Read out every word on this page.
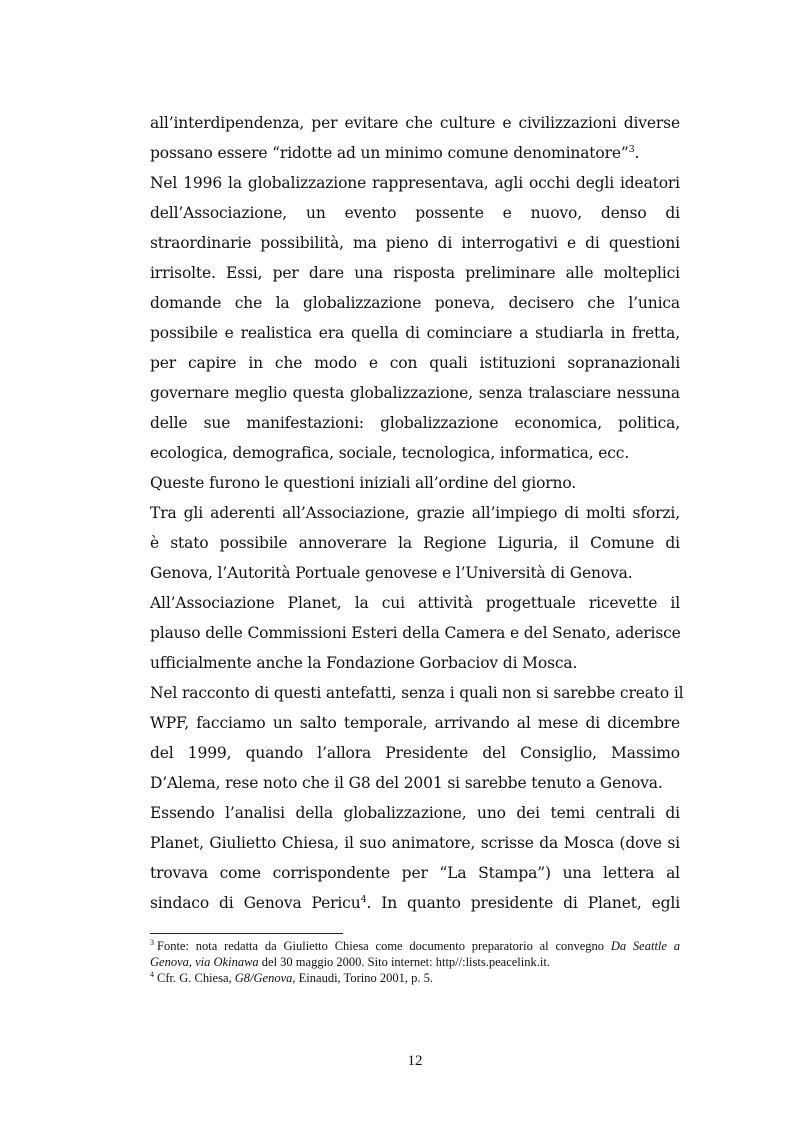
all’interdipendenza, per evitare che culture e civilizzazioni diverse
possano essere “ridotte ad un minimo comune denominatore”$^3$.
Nel 1996 la globalizzazione rappresentava, agli occhi degli ideatori
dell’Associazione, un evento possente e nuovo, denso di
straordinarie possibilità, ma pieno di interrogativi e di questioni
irrisolte. Essi, per dare una risposta preliminare alle molteplici
domande che la globalizzazione poneva, decisero che l’unica
possibile e realistica era quella di cominciare a studiarla in fretta,
per capire in che modo e con quali istituzioni sopranazionali
governare meglio questa globalizzazione, senza tralasciare nessuna
delle sue manifestazioni: globalizzazione economica, politica,
ecologica, demografica, sociale, tecnologica, informatica, ecc.
Queste furono le questioni iniziali all’ordine del giorno.
Tra gli aderenti all’Associazione, grazie all’impiego di molti sforzi,
è stato possibile annoverare la Regione Liguria, il Comune di
Genova, l’Autorità Portuale genovese e l’Università di Genova.
All’Associazione Planet, la cui attività progettuale ricevette il
plauso delle Commissioni Esteri della Camera e del Senato, aderisce
ufficialmente anche la Fondazione Gorbaciov di Mosca.
Nel racconto di questi antefatti, senza i quali non si sarebbe creato il
WPF, facciamo un salto temporale, arrivando al mese di dicembre
del 1999, quando l’allora Presidente del Consiglio, Massimo
D’Alema, rese noto che il G8 del 2001 si sarebbe tenuto a Genova.
Essendo l’analisi della globalizzazione, uno dei temi centrali di
Planet, Giulietto Chiesa, il suo animatore, scrisse da Mosca (dove si
trovava come corrispondente per “La Stampa”) una lettera al
sindaco di Genova Pericu$^4$. In quanto presidente di Planet, egli
$^3$ Fonte: nota redatta da Giulietto Chiesa come documento preparatorio al convegno Da Seattle a
Genova, via Okinawa del 30 maggio 2000. Sito internet: http//:lists.peacelink.it.
$^4$ Cfr. G. Chiesa, G8/Genova, Einaudi, Torino 2001, p. 5.
12
